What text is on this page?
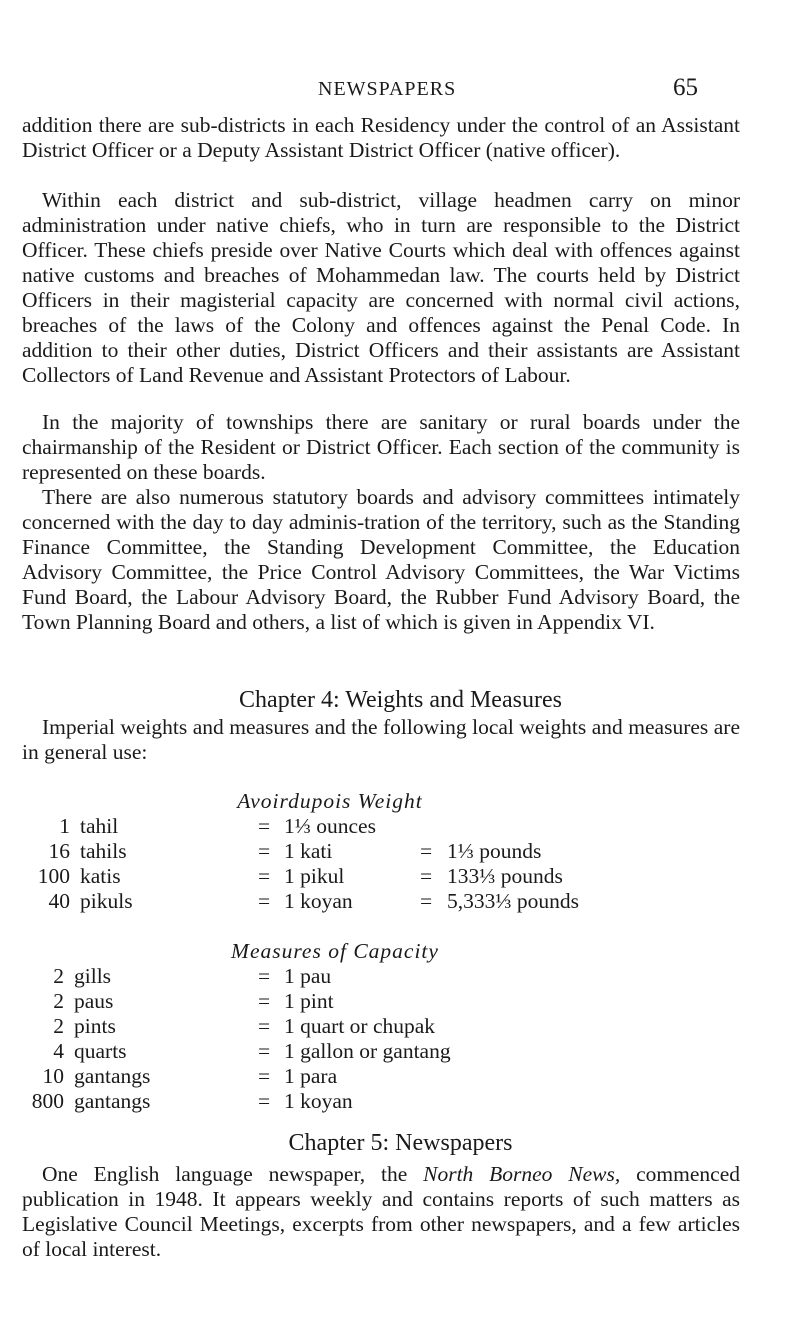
NEWSPAPERS	65

addition there are sub-districts in each Residency under the control of an Assistant District Officer or a Deputy Assistant District Officer (native officer).

Within each district and sub-district, village headmen carry on minor administration under native chiefs, who in turn are responsible to the District Officer. These chiefs preside over Native Courts which deal with offences against native customs and breaches of Mohammedan law. The courts held by District Officers in their magisterial capacity are concerned with normal civil actions, breaches of the laws of the Colony and offences against the Penal Code. In addition to their other duties, District Officers and their assistants are Assistant Collectors of Land Revenue and Assistant Protectors of Labour.

In the majority of townships there are sanitary or rural boards under the chairmanship of the Resident or District Officer. Each section of the community is represented on these boards.

There are also numerous statutory boards and advisory committees intimately concerned with the day to day adminis-tration of the territory, such as the Standing Finance Committee, the Standing Development Committee, the Education Advisory Committee, the Price Control Advisory Committees, the War Victims Fund Board, the Labour Advisory Board, the Rubber Fund Advisory Board, the Town Planning Board and others, a list of which is given in Appendix VI.

Chapter 4: Weights and Measures

Imperial weights and measures and the following local weights and measures are in general use:

Avoirdupois Weight
1 tahil	= 1⅓ ounces
16 tahils	= 1 kati	= 1⅓ pounds
100 katis	= 1 pikul	= 133⅓ pounds
40 pikuls	= 1 koyan	= 5,333⅓ pounds
Measures of Capacity
2 gills	= 1 pau
2 paus	= 1 pint
2 pints	= 1 quart or chupak
4 quarts	= 1 gallon or gantang
10 gantangs	= 1 para
800 gantangs	= 1 koyan
Chapter 5: Newspapers

One English language newspaper, the North Borneo News, commenced publication in 1948. It appears weekly and contains reports of such matters as Legislative Council Meetings, excerpts from other newspapers, and a few articles of local interest.
